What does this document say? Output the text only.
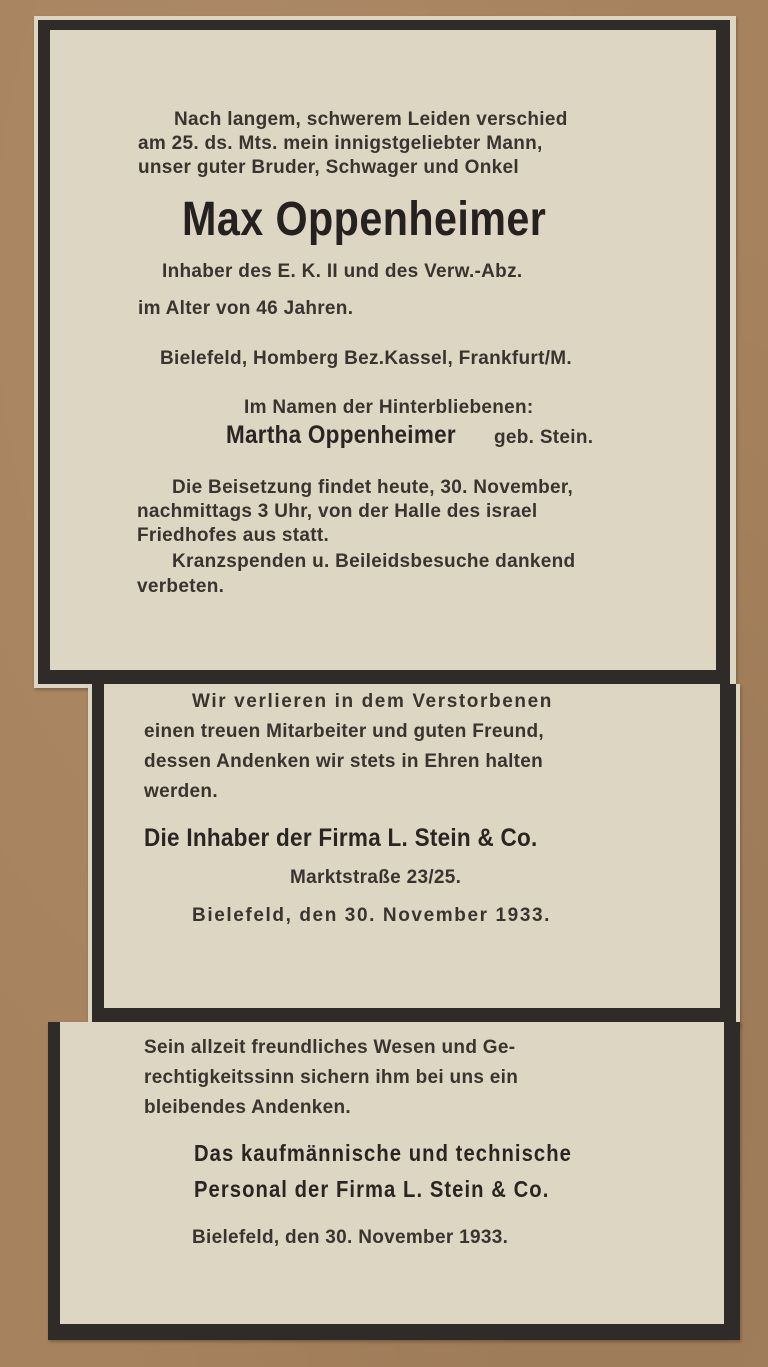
Nach langem, schwerem Leiden verschied

am 25. ds. Mts. mein innigstgeliebter Mann,

unser guter Bruder, Schwager und Onkel

Max Oppenheimer

Inhaber des E. K. II und des Verw.-Abz.

im Alter von 46 Jahren.

Bielefeld, Homberg Bez.Kassel, Frankfurt/M.

Im Namen der Hinterbliebenen:

Martha Oppenheimer geb. Stein.

Die Beisetzung findet heute, 30. November,

nachmittags 3 Uhr, von der Halle des israel

Friedhofes aus statt.

Kranzspenden u. Beileidsbesuche dankend

verbeten.

Wir verlieren in dem Verstorbenen

einen treuen Mitarbeiter und guten Freund,

dessen Andenken wir stets in Ehren halten

werden.

Die Inhaber der Firma L. Stein & Co.

Marktstraße 23/25.

Bielefeld, den 30. November 1933.

Sein allzeit freundliches Wesen und Ge-

rechtigkeitssinn sichern ihm bei uns ein

bleibendes Andenken.

Das kaufmännische und technische

Personal der Firma L. Stein & Co.

Bielefeld, den 30. November 1933.
